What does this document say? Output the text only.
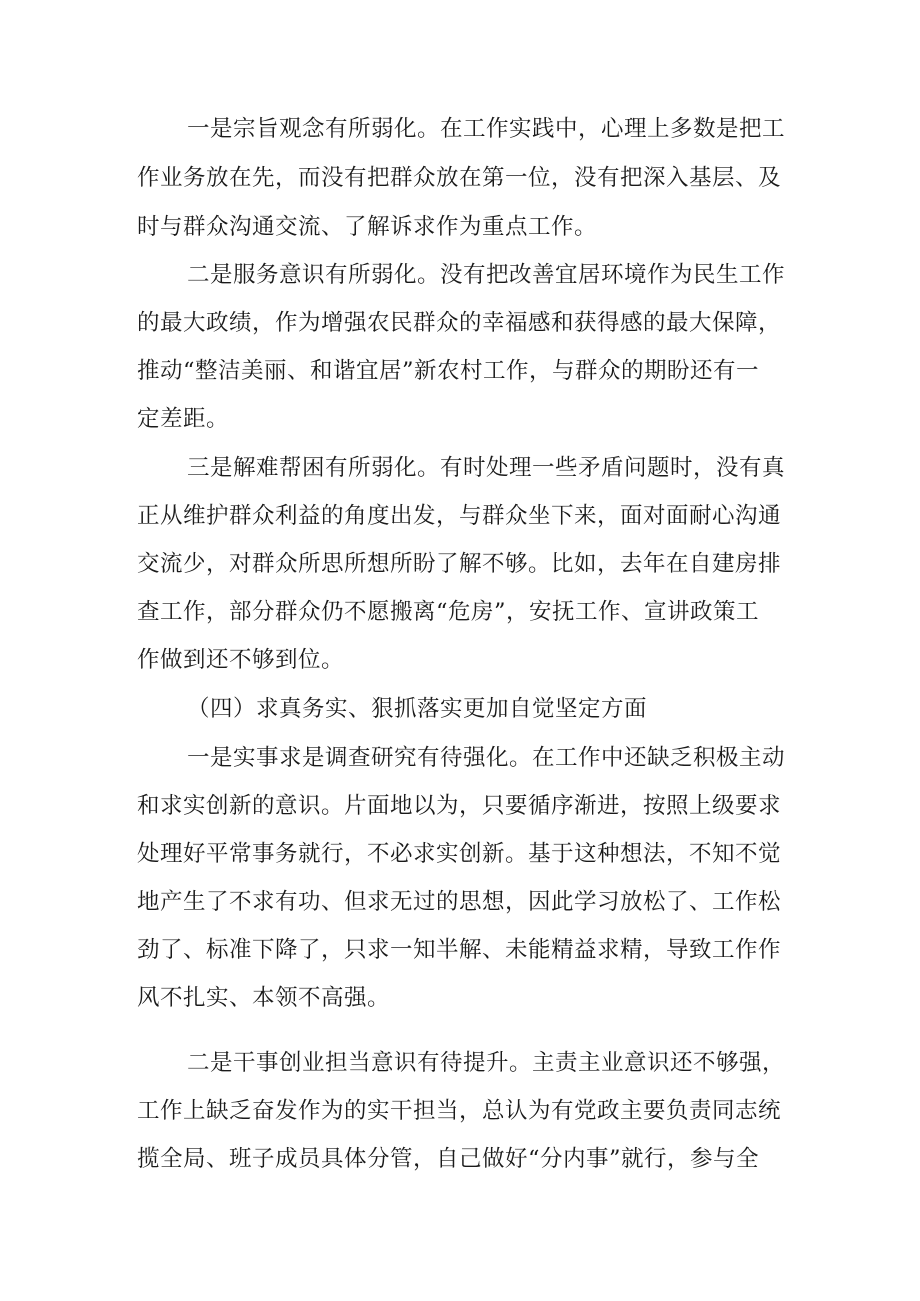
一是宗旨观念有所弱化。在工作实践中，心理上多数是把工
作业务放在先，而没有把群众放在第一位，没有把深入基层、及
时与群众沟通交流、了解诉求作为重点工作。
二是服务意识有所弱化。没有把改善宜居环境作为民生工作
的最大政绩，作为增强农民群众的幸福感和获得感的最大保障，
推动“整洁美丽、和谐宜居”新农村工作，与群众的期盼还有一
定差距。
三是解难帮困有所弱化。有时处理一些矛盾问题时，没有真
正从维护群众利益的角度出发，与群众坐下来，面对面耐心沟通
交流少，对群众所思所想所盼了解不够。比如，去年在自建房排
查工作，部分群众仍不愿搬离“危房”，安抚工作、宣讲政策工
作做到还不够到位。
（四）求真务实、狠抓落实更加自觉坚定方面
一是实事求是调查研究有待强化。在工作中还缺乏积极主动
和求实创新的意识。片面地以为，只要循序渐进，按照上级要求
处理好平常事务就行，不必求实创新。基于这种想法，不知不觉
地产生了不求有功、但求无过的思想，因此学习放松了、工作松
劲了、标准下降了，只求一知半解、未能精益求精，导致工作作
风不扎实、本领不高强。
二是干事创业担当意识有待提升。主责主业意识还不够强，
工作上缺乏奋发作为的实干担当，总认为有党政主要负责同志统
揽全局、班子成员具体分管，自己做好“分内事”就行，参与全
